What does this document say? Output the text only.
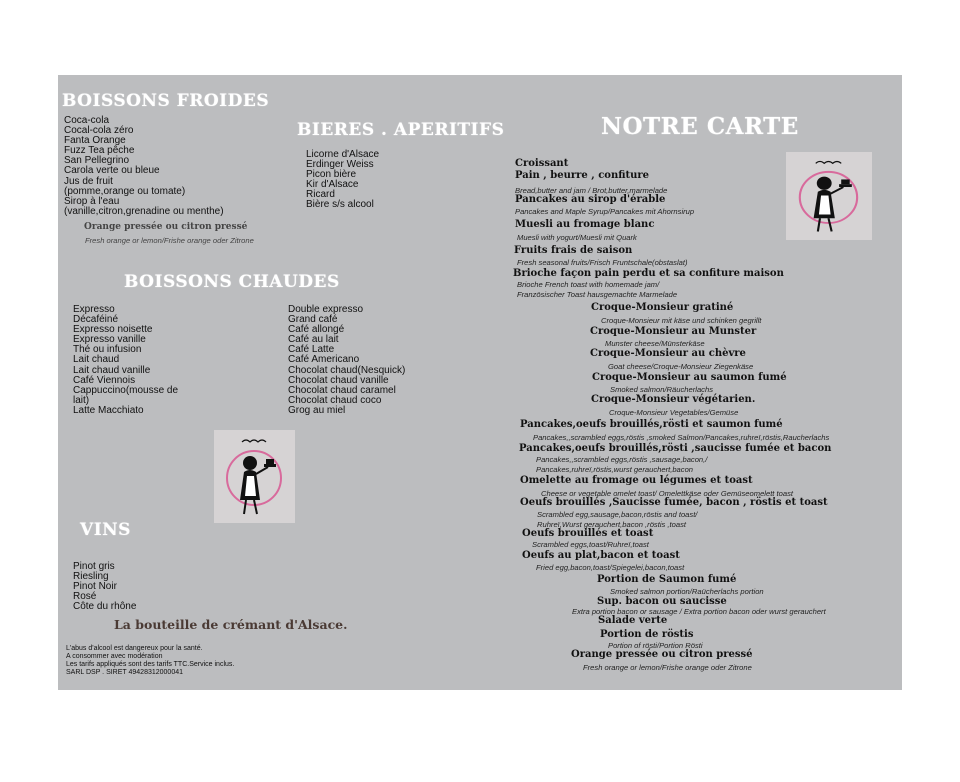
BOISSONS FROIDES
Coca-cola
Cocal-cola zéro
Fanta Orange
Fuzz Tea pêche
San Pellegrino
Carola verte ou bleue
Jus de fruit
(pomme,orange ou tomate)
Sirop à l'eau
(vanille,citron,grenadine ou menthe)
Orange pressée ou citron pressé
Fresh orange or lemon/Frishe orange oder Zitrone
BIERES . APERITIFS
Licorne d'Alsace
Erdinger Weiss
Picon bière
Kir d'Alsace
Ricard
Bière s/s alcool
BOISSONS CHAUDES
Expresso
Décaféiné
Expresso noisette
Expresso vanille
Thé ou infusion
Lait chaud
Lait chaud vanille
Café Viennois
Cappuccino(mousse de
lait)
Latte Macchiato
Double expresso
Grand café
Café allongé
Café au lait
Café Latte
Café Americano
Chocolat chaud(Nesquick)
Chocolat chaud vanille
Chocolat chaud caramel
Chocolat chaud coco
Grog au miel
VINS
Pinot gris
Riesling
Pinot Noir
Rosé
Côte du rhône
La bouteille de crémant d'Alsace.
L'abus d'alcool est dangereux pour la santé.
A consommer avec modération
Les tarifs appliqués sont des tarifs TTC.Service inclus.
SARL DSP . SIRET 49428312000041
NOTRE CARTE
Croissant
Pain , beurre , confiture
Bread,butter and jam / Brot,butter,marmelade
Pancakes au sirop d'érable
Pancakes and Maple Syrup/Pancakes mit Ahornsirup
Muesli au fromage blanc
Muesli with yogurt/Muesli mit Quark
Fruits frais de saison
Fresh seasonal fruits/Frisch Fruntschale(obstaslat)
Brioche façon pain perdu et sa confiture maison
Brioche French toast with homemade jam/
Französischer Toast hausgemachte Marmelade
Croque-Monsieur gratiné
Croque-Monsieur mit käse und schinken gegrillt
Croque-Monsieur au Munster
Munster cheese/Münsterkäse
Croque-Monsieur au chèvre
Goat cheese/Croque-Monsieur Ziegenkäse
Croque-Monsieur au saumon fumé
Smoked salmon/Räucherlachs
Croque-Monsieur végétarien.
Croque-Monsieur Vegetables/Gemüse
Pancakes,oeufs brouillés,rösti et saumon fumé
Pancakes,,scrambled eggs,röstis ,smoked Salmon/Pancakes,ruhreï,röstis,Raucherlachs
Pancakes,oeufs brouillés,rösti ,saucisse fumée et bacon
Pancakes,,scrambled eggs,röstis ,sausage,bacon,/
Pancakes,ruhreï,röstis,wurst gerauchert,bacon
Omelette au fromage ou légumes et toast
Cheese or vegetable omelet toast/ Omelettkäse oder Gemüseomelett toast
Oeufs brouillés ,Saucisse fumée, bacon , röstis et toast
Scrambled egg,sausage,bacon,röstis and toast/
Ruhreï,Wurst gerauchert,bacon ,röstis ,toast
Oeufs brouillés et toast
Scrambled eggs,toast/Ruhreï,toast
Oeufs au plat,bacon et toast
Fried egg,bacon,toast/Spiegelei,bacon,toast
Portion de Saumon fumé
Smoked salmon portion/Raücherlachs portion
Sup. bacon ou saucisse
Extra portion bacon or sausage / Extra portion bacon oder wurst gerauchert
Salade verte
Portion de röstis
Portion of rösti/Portion Rösti
Orange pressée ou citron pressé
Fresh orange or lemon/Frishe orange oder Zitrone
